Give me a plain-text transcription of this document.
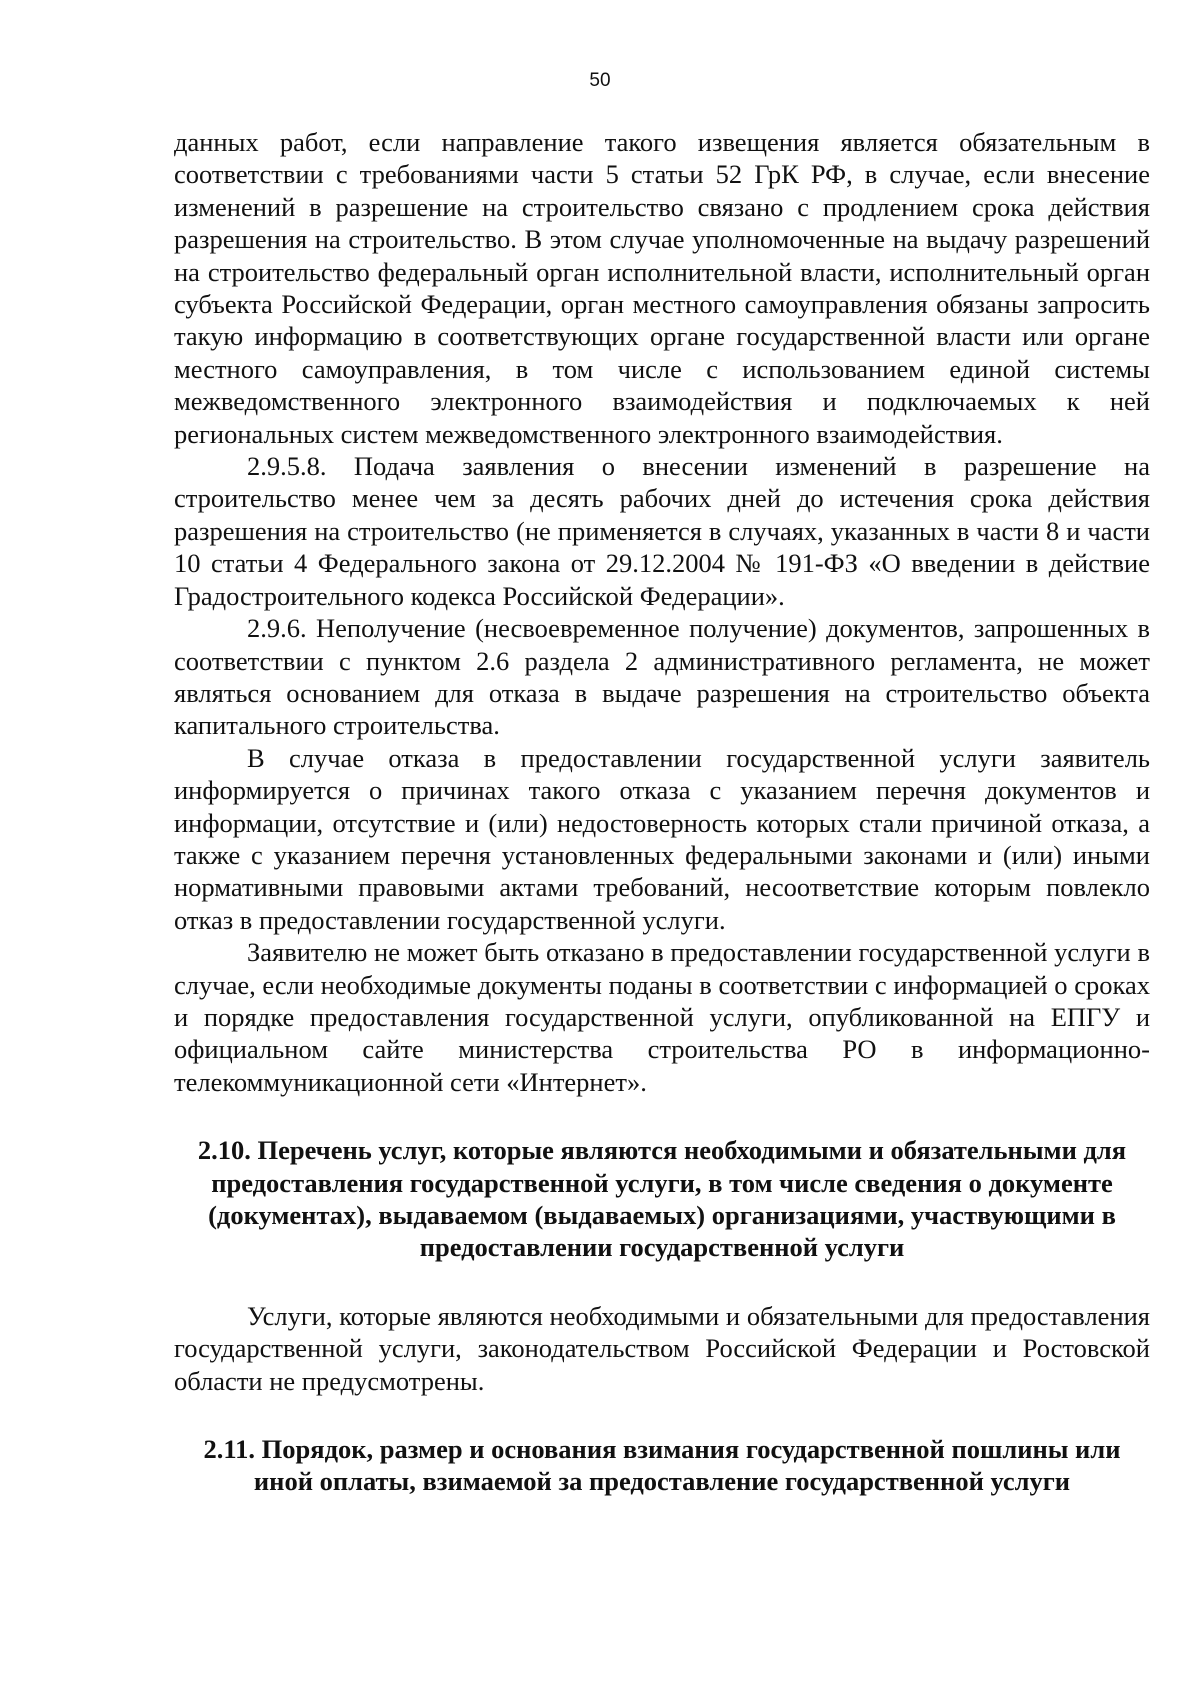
50

данных работ, если направление такого извещения является обязательным в соответствии с требованиями части 5 статьи 52 ГрК РФ, в случае, если внесение изменений в разрешение на строительство связано с продлением срока действия разрешения на строительство. В этом случае уполномоченные на выдачу разрешений на строительство федеральный орган исполнительной власти, исполнительный орган субъекта Российской Федерации, орган местного самоуправления обязаны запросить такую информацию в соответствующих органе государственной власти или органе местного самоуправления, в том числе с использованием единой системы межведомственного электронного взаимодействия и подключаемых к ней региональных систем межведомственного электронного взаимодействия.

2.9.5.8. Подача заявления о внесении изменений в разрешение на строительство менее чем за десять рабочих дней до истечения срока действия разрешения на строительство (не применяется в случаях, указанных в части 8 и части 10 статьи 4 Федерального закона от 29.12.2004 № 191-ФЗ «О введении в действие Градостроительного кодекса Российской Федерации».

2.9.6. Неполучение (несвоевременное получение) документов, запрошенных в соответствии с пунктом 2.6 раздела 2 административного регламента, не может являться основанием для отказа в выдаче разрешения на строительство объекта капитального строительства.

В случае отказа в предоставлении государственной услуги заявитель информируется о причинах такого отказа с указанием перечня документов и информации, отсутствие и (или) недостоверность которых стали причиной отказа, а также с указанием перечня установленных федеральными законами и (или) иными нормативными правовыми актами требований, несоответствие которым повлекло отказ в предоставлении государственной услуги.

Заявителю не может быть отказано в предоставлении государственной услуги в случае, если необходимые документы поданы в соответствии с информацией о сроках и порядке предоставления государственной услуги, опубликованной на ЕПГУ и официальном сайте министерства строительства РО в информационно-телекоммуникационной сети «Интернет».

2.10. Перечень услуг, которые являются необходимыми и обязательными для предоставления государственной услуги, в том числе сведения о документе (документах), выдаваемом (выдаваемых) организациями, участвующими в предоставлении государственной услуги

Услуги, которые являются необходимыми и обязательными для предоставления государственной услуги, законодательством Российской Федерации и Ростовской области не предусмотрены.

2.11. Порядок, размер и основания взимания государственной пошлины или иной оплаты, взимаемой за предоставление государственной услуги
